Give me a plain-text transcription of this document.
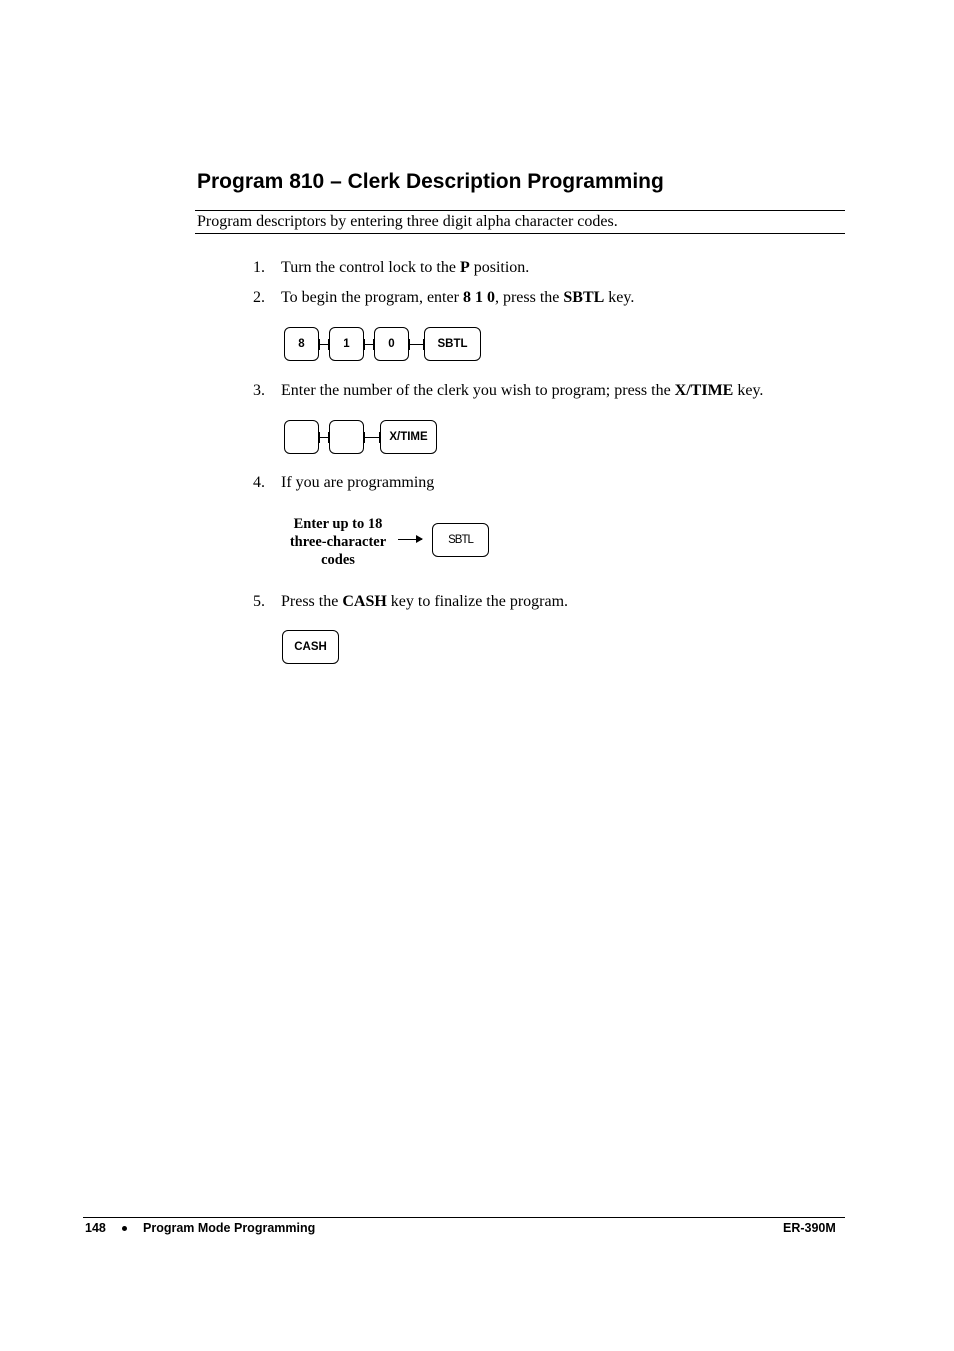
Program 810 – Clerk Description Programming
Program descriptors by entering three digit alpha character codes.
1. Turn the control lock to the P position.
2. To begin the program, enter 8 1 0, press the SBTL key.
8	1	0	SBTL
3. Enter the number of the clerk you wish to program; press the X/TIME key.
X/TIME
4. If you are programming
Enter up to 18
three-character
codes
SBTL
5. Press the CASH key to finalize the program.
CASH
148	Program Mode Programming	ER-390M
